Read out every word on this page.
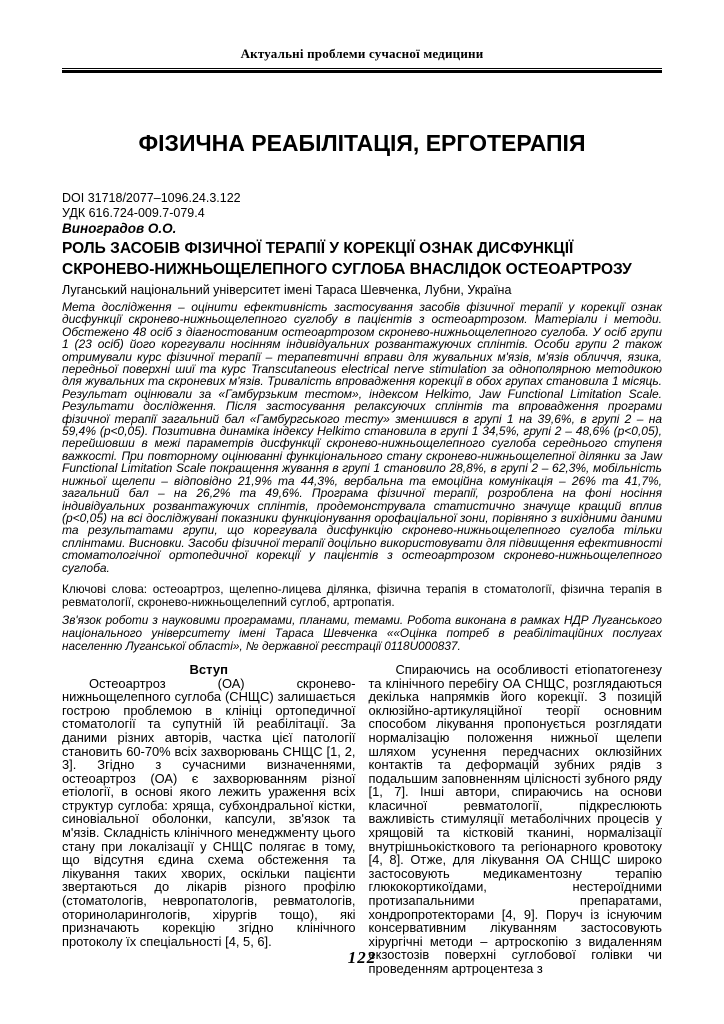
Актуальні проблеми сучасної медицини
ФІЗИЧНА РЕАБІЛІТАЦІЯ, ЕРГОТЕРАПІЯ
DOI 31718/2077–1096.24.3.122
УДК 616.724-009.7-079.4
Виноградов О.О.
РОЛЬ ЗАСОБІВ ФІЗИЧНОЇ ТЕРАПІЇ У КОРЕКЦІЇ ОЗНАК ДИСФУНКЦІЇ СКРОНЕВО-НИЖНЬОЩЕЛЕПНОГО СУГЛОБА ВНАСЛІДОК ОСТЕОАРТРОЗУ
Луганський національний університет імені Тараса Шевченка, Лубни, Україна
Мета дослідження – оцінити ефективність застосування засобів фізичної терапії у корекції ознак дисфункції скронево-нижньощелепного суглобу в пацієнтів з остеоартрозом. Матеріали і методи. Обстежено 48 осіб з діагностованим остеоартрозом скронево-нижньощелепного суглоба. У осіб групи 1 (23 осіб) його корегували носінням індивідуальних розвантажуючих сплінтів. Особи групи 2 також отримували курс фізичної терапії – терапевтичні вправи для жувальних м'язів, м'язів обличчя, язика, передньої поверхні шиї та курс Transcutaneous electrical nerve stimulation за однополярною методикою для жувальних та скроневих м'язів. Тривалість впровадження корекції в обох групах становила 1 місяць. Результат оцінювали за «Гамбурзьким тестом», індексом Helkimo, Jaw Functional Limitation Scale. Результати дослідження. Після застосування релаксуючих сплінтів та впровадження програми фізичної терапії загальний бал «Гамбургського тесту» зменшився в групі 1 на 39,6%, в групі 2 – на 59,4% (p<0,05). Позитивна динаміка індексу Helkimo становила в групі 1 34,5%, групі 2 – 48,6% (p<0,05), перейшовши в межі параметрів дисфункції скронево-нижньощелепного суглоба середнього ступеня важкості. При повторному оцінюванні функціонального стану скронево-нижньощелепної ділянки за Jaw Functional Limitation Scale покращення жування в групі 1 становило 28,8%, в групі 2 – 62,3%, мобільність нижньої щелепи – відповідно 21,9% та 44,3%, вербальна та емоційна комунікація – 26% та 41,7%, загальний бал – на 26,2% та 49,6%. Програма фізичної терапії, розроблена на фоні носіння індивідуальних розвантажуючих сплінтів, продемонструвала статистично значуще кращий вплив (p<0,05) на всі досліджувані показники функціонування орофаціальної зони, порівняно з вихідними даними та результатами групи, що корегувала дисфункцію скронево-нижньощелепного суглоба тільки сплінтами. Висновки. Засоби фізичної терапії доцільно використовувати для підвищення ефективності стоматологічної ортопедичної корекції у пацієнтів з остеоартрозом скронево-нижньощелепного суглоба.
Ключові слова: остеоартроз, щелепно-лицева ділянка, фізична терапія в стоматології, фізична терапія в ревматології, скронево-нижньощелепний суглоб, артропатія.
Зв'язок роботи з науковими програмами, планами, темами. Робота виконана в рамках НДР Луганського національного університету імені Тараса Шевченка ««Оцінка потреб в реабілітаційних послугах населенню Луганської області», № державної реєстрації 0118U000837.
Вступ

Остеоартроз (ОА) скронево-нижньощелепного суглоба (СНЩС) залишається гострою проблемою в клініці ортопедичної стоматології та супутній їй реабілітації. За даними різних авторів, частка цієї патології становить 60-70% всіх захворювань СНЩС [1, 2, 3]. Згідно з сучасними визначеннями, остеоартроз (ОА) є захворюванням різної етіології, в основі якого лежить ураження всіх структур суглоба: хряща, субхондральної кістки, синовіальної оболонки, капсули, зв'язок та м'язів. Складність клінічного менеджменту цього стану при локалізації у СНЩС полягає в тому, що відсутня єдина схема обстеження та лікування таких хворих, оскільки пацієнти звертаються до лікарів різного профілю (стоматологів, невропатологів, ревматологів, оториноларингологів, хірургів тощо), які призначають корекцію згідно клінічного протоколу їх спеціальності [4, 5, 6].

Спираючись на особливості етіопатогенезу та клінічного перебігу ОА СНЩС, розглядаються декілька напрямків його корекції. З позицій оклюзійно-артикуляційної теорії основним способом лікування пропонується розглядати нормалізацію положення нижньої щелепи шляхом усунення передчасних оклюзійних контактів та деформацій зубних рядів з подальшим заповненням цілісності зубного ряду [1, 7]. Інші автори, спираючись на основи класичної ревматології, підкреслюють важливість стимуляції метаболічних процесів у хрящовій та кістковій тканині, нормалізації внутрішньокісткового та регіонарного кровотоку [4, 8]. Отже, для лікування ОА СНЩС широко застосовують медикаментозну терапію глюкокортикоїдами, нестероїдними протизапальними препаратами, хондропротекторами [4, 9]. Поруч із існуючим консервативним лікуванням застосовують хірургічні методи – артроскопію з видаленням екзостозів поверхні суглобової голівки чи проведенням артроцентеза з

122
